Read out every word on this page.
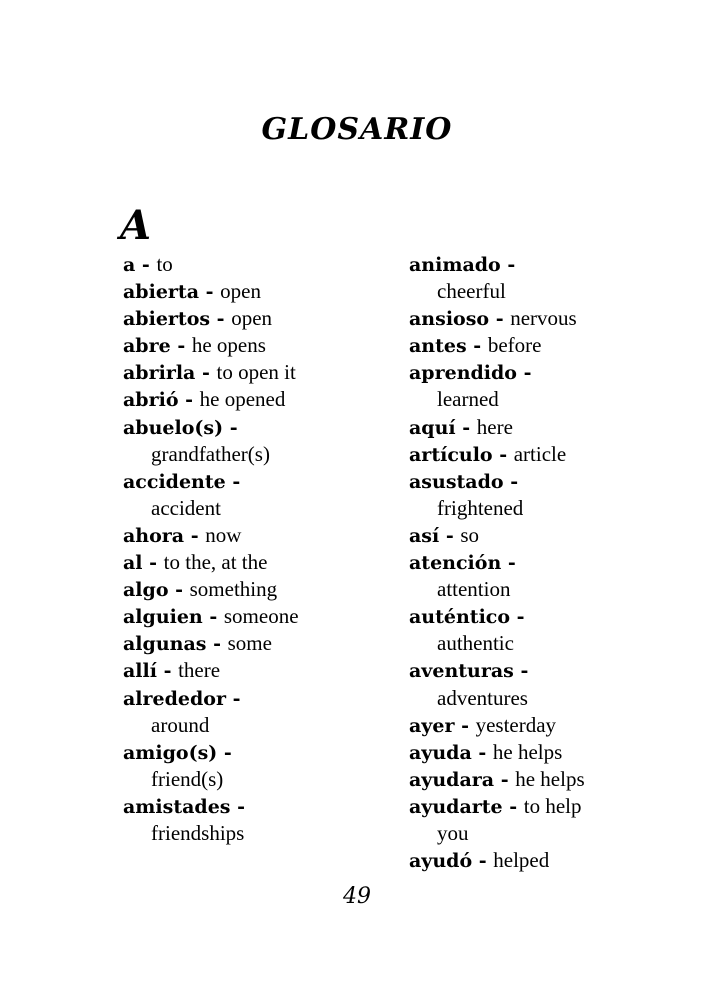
GLOSARIO
A
a - to
abierta - open
abiertos - open
abre - he opens
abrirla - to open it
abrió - he opened
abuelo(s) -
grandfather(s)
accidente -
accident
ahora - now
al - to the, at the
algo - something
alguien - someone
algunas - some
allí - there
alrededor -
around
amigo(s) -
friend(s)
amistades -
friendships
animado -
cheerful
ansioso - nervous
antes - before
aprendido -
learned
aquí - here
artículo - article
asustado -
frightened
así - so
atención -
attention
auténtico -
authentic
aventuras -
adventures
ayer - yesterday
ayuda - he helps
ayudara - he helps
ayudarte - to help
you
ayudó - helped

49
